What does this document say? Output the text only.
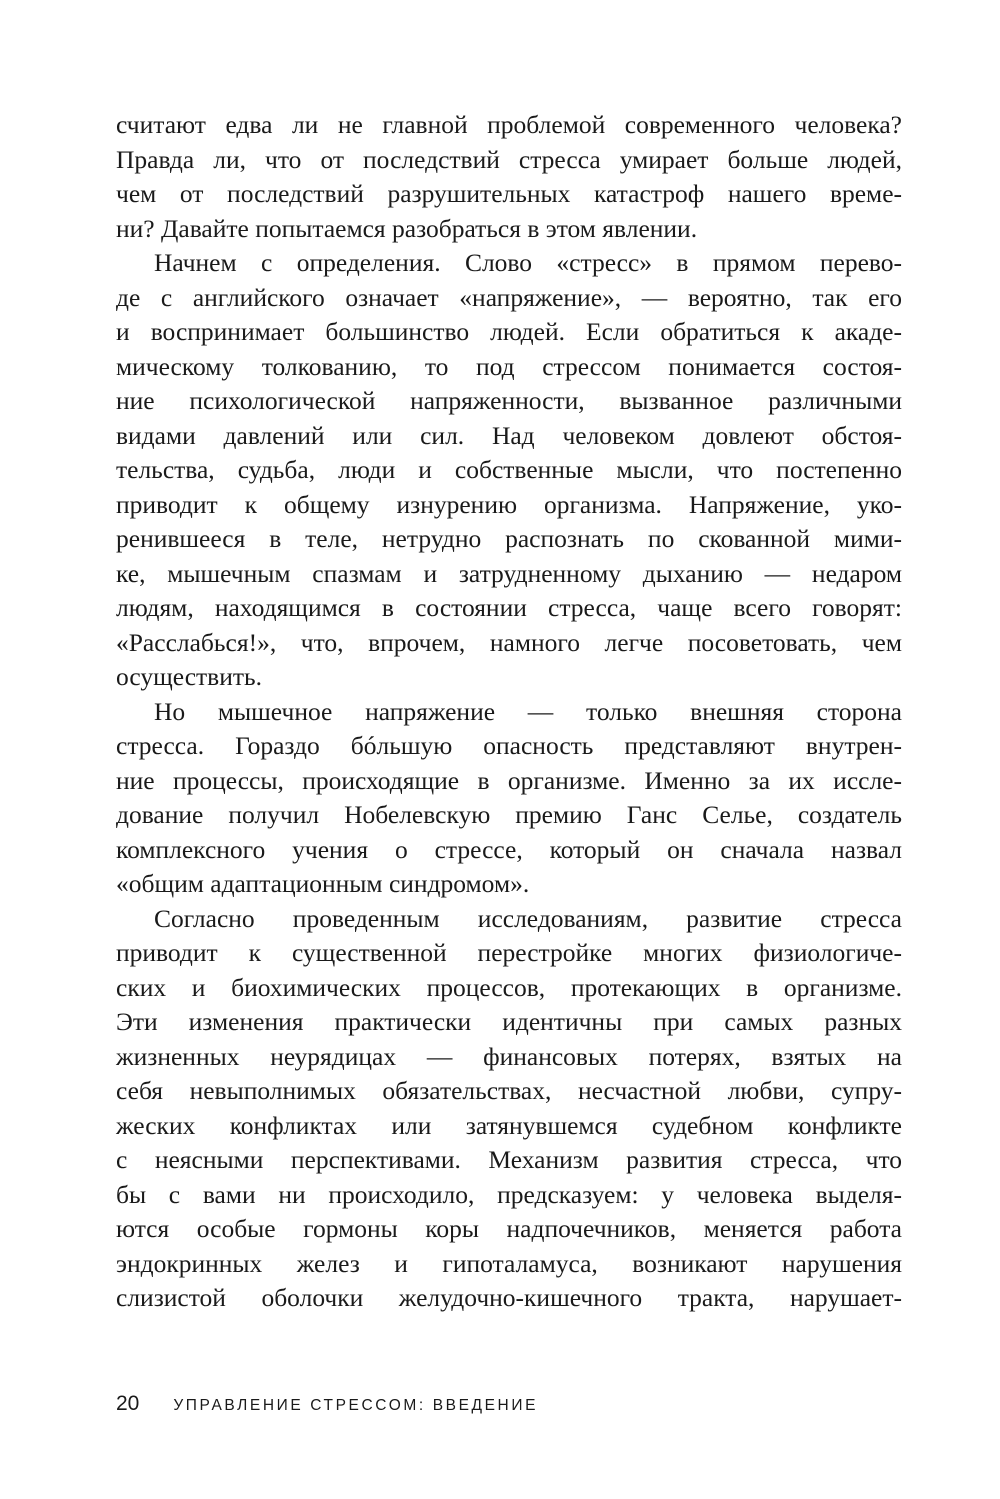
считают едва ли не главной проблемой современного человека?
Правда ли, что от последствий стресса умирает больше людей,
чем от последствий разрушительных катастроф нашего време-
ни? Давайте попытаемся разобраться в этом явлении.
Начнем с определения. Слово «стресс» в прямом перево-
де с английского означает «напряжение», — вероятно, так его
и воспринимает большинство людей. Если обратиться к акаде-
мическому толкованию, то под стрессом понимается состоя-
ние психологической напряженности, вызванное различными
видами давлений или сил. Над человеком довлеют обстоя-
тельства, судьба, люди и собственные мысли, что постепенно
приводит к общему изнурению организма. Напряжение, уко-
ренившееся в теле, нетрудно распознать по скованной мими-
ке, мышечным спазмам и затрудненному дыханию — недаром
людям, находящимся в состоянии стресса, чаще всего говорят:
«Расслабься!», что, впрочем, намного легче посоветовать, чем
осуществить.
Но мышечное напряжение — только внешняя сторона
стресса. Гораздо бóльшую опасность представляют внутрен-
ние процессы, происходящие в организме. Именно за их иссле-
дование получил Нобелевскую премию Ганс Селье, создатель
комплексного учения о стрессе, который он сначала назвал
«общим адаптационным синдромом».
Согласно проведенным исследованиям, развитие стресса
приводит к существенной перестройке многих физиологиче-
ских и биохимических процессов, протекающих в организме.
Эти изменения практически идентичны при самых разных
жизненных неурядицах — финансовых потерях, взятых на
себя невыполнимых обязательствах, несчастной любви, супру-
жеских конфликтах или затянувшемся судебном конфликте
с неясными перспективами. Механизм развития стресса, что
бы с вами ни происходило, предсказуем: у человека выделя-
ются особые гормоны коры надпочечников, меняется работа
эндокринных желез и гипоталамуса, возникают нарушения
слизистой оболочки желудочно-кишечного тракта, нарушает-
20 УПРАВЛЕНИЕ СТРЕССОМ: ВВЕДЕНИЕ
